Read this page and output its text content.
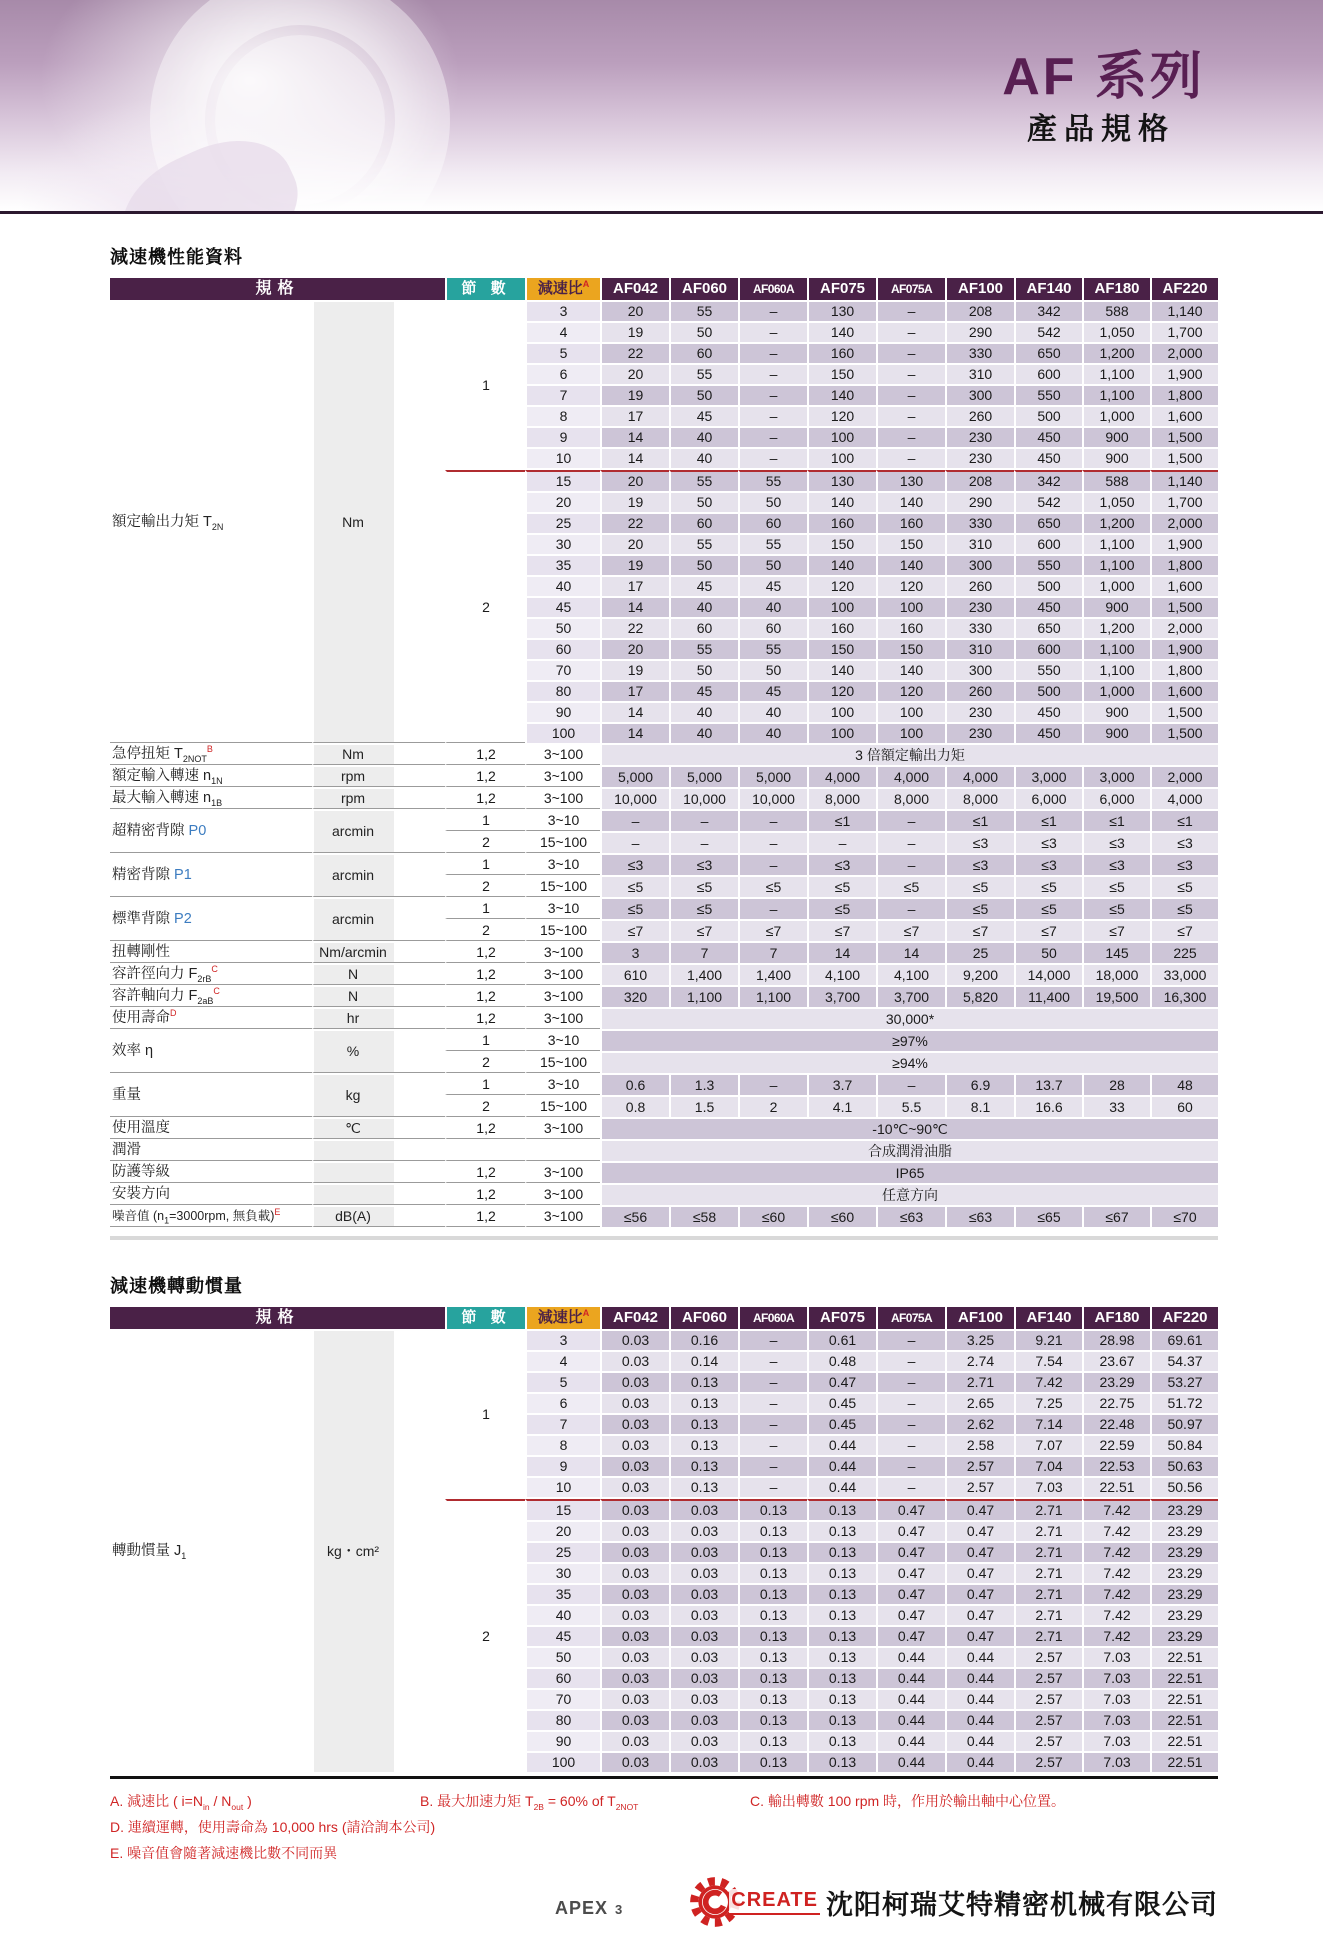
AF 系列
產品規格
減速機性能資料
規格		節 數	減速比$^A$	AF042	AF060	AF060A	AF075	AF075A	AF100	AF140	AF180	AF220
額定輸出力矩 $T_{2N}$	Nm	1	3	20	55	–	130	–	208	342	588	1,140
			4	19	50	–	140	–	290	542	1,050	1,700
			5	22	60	–	160	–	330	650	1,200	2,000
			6	20	55	–	150	–	310	600	1,100	1,900
			7	19	50	–	140	–	300	550	1,100	1,800
			8	17	45	–	120	–	260	500	1,000	1,600
			9	14	40	–	100	–	230	450	900	1,500
			10	14	40	–	100	–	230	450	900	1,500
		2	15	20	55	55	130	130	208	342	588	1,140
			20	19	50	50	140	140	290	542	1,050	1,700
			25	22	60	60	160	160	330	650	1,200	2,000
			30	20	55	55	150	150	310	600	1,100	1,900
			35	19	50	50	140	140	300	550	1,100	1,800
			40	17	45	45	120	120	260	500	1,000	1,600
			45	14	40	40	100	100	230	450	900	1,500
			50	22	60	60	160	160	330	650	1,200	2,000
			60	20	55	55	150	150	310	600	1,100	1,900
			70	19	50	50	140	140	300	550	1,100	1,800
			80	17	45	45	120	120	260	500	1,000	1,600
			90	14	40	40	100	100	230	450	900	1,500
			100	14	40	40	100	100	230	450	900	1,500
急停扭矩 $T_{2NOT}^B$	Nm	1,2	3~100	3 倍額定輸出力矩								
額定輸入轉速 $n_{1N}$	rpm	1,2	3~100	5,000	5,000	5,000	4,000	4,000	4,000	3,000	3,000	2,000
最大輸入轉速 $n_{1B}$	rpm	1,2	3~100	10,000	10,000	10,000	8,000	8,000	8,000	6,000	6,000	4,000
超精密背隙 P0	arcmin	1	3~10	–	–	–	≤1	–	≤1	≤1	≤1	≤1
		2	15~100	–	–	–	–	–	≤3	≤3	≤3	≤3
精密背隙 P1	arcmin	1	3~10	≤3	≤3	–	≤3	–	≤3	≤3	≤3	≤3
		2	15~100	≤5	≤5	≤5	≤5	≤5	≤5	≤5	≤5	≤5
標準背隙 P2	arcmin	1	3~10	≤5	≤5	–	≤5	–	≤5	≤5	≤5	≤5
		2	15~100	≤7	≤7	≤7	≤7	≤7	≤7	≤7	≤7	≤7
扭轉剛性	Nm/arcmin	1,2	3~100	3	7	7	14	14	25	50	145	225
容許徑向力 $F_{2rB}^C$	N	1,2	3~100	610	1,400	1,400	4,100	4,100	9,200	14,000	18,000	33,000
容許軸向力 $F_{2aB}^C$	N	1,2	3~100	320	1,100	1,100	3,700	3,700	5,820	11,400	19,500	16,300
使用壽命$^D$	hr	1,2	3~100	30,000*								
效率 η	%	1	3~10	≥97%								
		2	15~100	≥94%								
重量	kg	1	3~10	0.6	1.3	–	3.7	–	6.9	13.7	28	48
		2	15~100	0.8	1.5	2	4.1	5.5	8.1	16.6	33	60
使用溫度	℃	1,2	3~100	-10℃~90℃								
潤滑				合成潤滑油脂								
防護等級		1,2	3~100	IP65								
安裝方向		1,2	3~100	任意方向								
噪音值 ($n_1=3000rpm$, 無負載)$^E$	dB(A)	1,2	3~100	≤56	≤58	≤60	≤60	≤63	≤63	≤65	≤67	≤70
減速機轉動慣量
規格		節 數	減速比$^A$	AF042	AF060	AF060A	AF075	AF075A	AF100	AF140	AF180	AF220
轉動慣量 $J_1$	kg・cm²	1	3	0.03	0.16	–	0.61	–	3.25	9.21	28.98	69.61
			4	0.03	0.14	–	0.48	–	2.74	7.54	23.67	54.37
			5	0.03	0.13	–	0.47	–	2.71	7.42	23.29	53.27
			6	0.03	0.13	–	0.45	–	2.65	7.25	22.75	51.72
			7	0.03	0.13	–	0.45	–	2.62	7.14	22.48	50.97
			8	0.03	0.13	–	0.44	–	2.58	7.07	22.59	50.84
			9	0.03	0.13	–	0.44	–	2.57	7.04	22.53	50.63
			10	0.03	0.13	–	0.44	–	2.57	7.03	22.51	50.56
		2	15	0.03	0.03	0.13	0.13	0.47	0.47	2.71	7.42	23.29
			20	0.03	0.03	0.13	0.13	0.47	0.47	2.71	7.42	23.29
			25	0.03	0.03	0.13	0.13	0.47	0.47	2.71	7.42	23.29
			30	0.03	0.03	0.13	0.13	0.47	0.47	2.71	7.42	23.29
			35	0.03	0.03	0.13	0.13	0.47	0.47	2.71	7.42	23.29
			40	0.03	0.03	0.13	0.13	0.47	0.47	2.71	7.42	23.29
			45	0.03	0.03	0.13	0.13	0.47	0.47	2.71	7.42	23.29
			50	0.03	0.03	0.13	0.13	0.44	0.44	2.57	7.03	22.51
			60	0.03	0.03	0.13	0.13	0.44	0.44	2.57	7.03	22.51
			70	0.03	0.03	0.13	0.13	0.44	0.44	2.57	7.03	22.51
			80	0.03	0.03	0.13	0.13	0.44	0.44	2.57	7.03	22.51
			90	0.03	0.03	0.13	0.13	0.44	0.44	2.57	7.03	22.51
			100	0.03	0.03	0.13	0.13	0.44	0.44	2.57	7.03	22.51
A. 減速比 ( $i=N_{in} / N_{out}$ )	B. 最大加速力矩 $T_{2B} = 60\%$ of $T_{2NOT}$	C. 輸出轉數 100 rpm 時，作用於輸出軸中心位置。
D. 連續運轉，使用壽命為 10,000 hrs (請洽詢本公司)
E. 噪音值會隨著減速機比數不同而異
APEX 3	CREATE 沈阳柯瑞艾特精密机械有限公司
